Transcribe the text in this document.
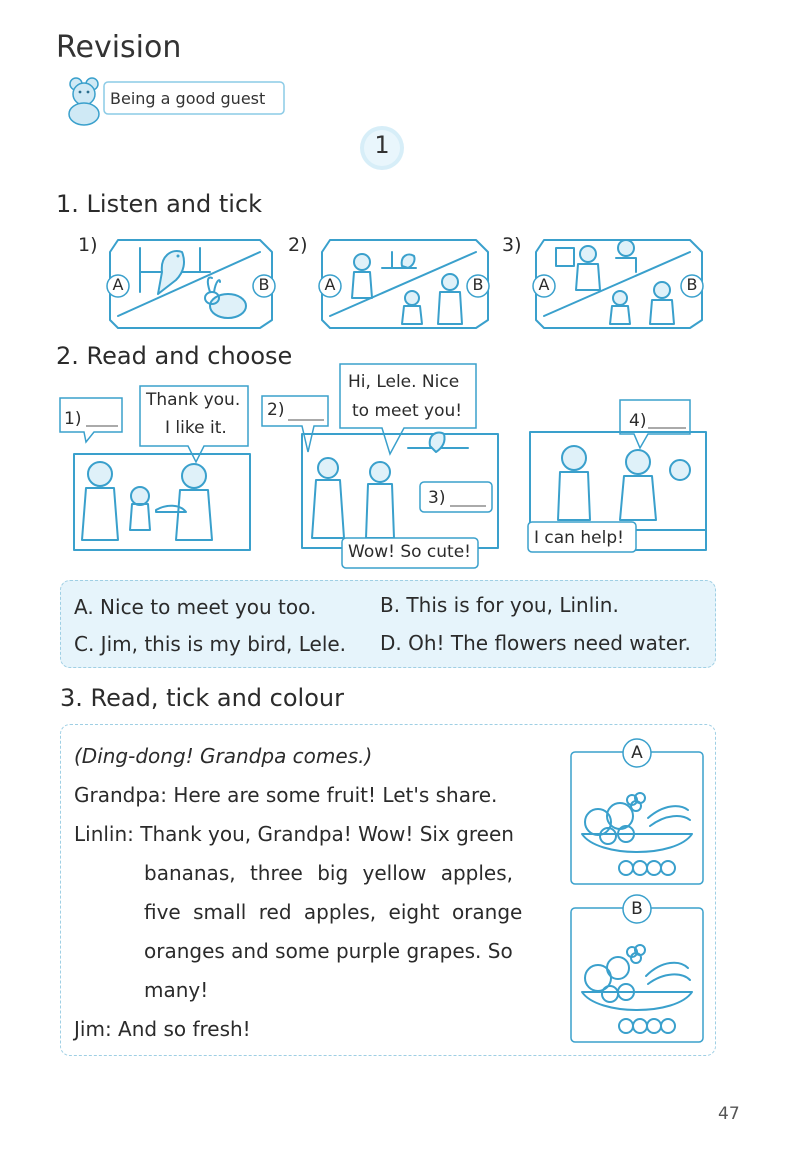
Revision
Being a good guest
1
1. Listen and tick
1)
A	B
2)
A	B
3)
A	B
2. Read and choose
1)
Thank you.
I like it.
2)
Hi, Lele. Nice
to meet you!
3)
Wow! So cute!
4)
I can help!
A. Nice to meet you too.	B. This is for you, Linlin.
C. Jim, this is my bird, Lele. D. Oh! The flowers need water.
3. Read, tick and colour
(Ding-dong! Grandpa comes.)
Grandpa: Here are some fruit! Let's share.
Linlin: Thank you, Grandpa! Wow! Six green
bananas, three big yellow apples,
five small red apples, eight orange
oranges and some purple grapes. So
many!
Jim: And so fresh!
A
B
47
